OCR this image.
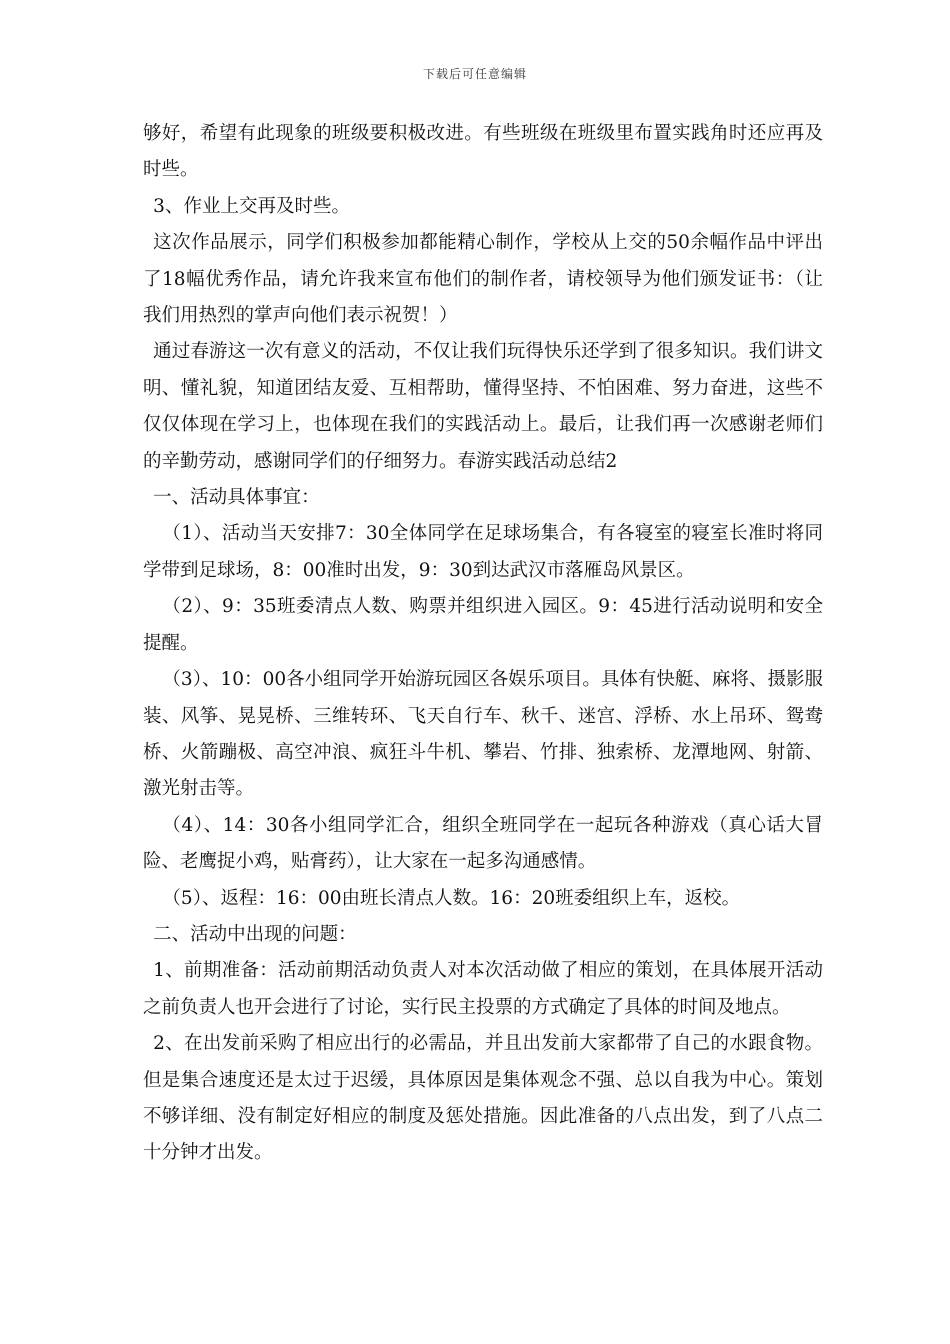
下载后可任意编辑

够好，希望有此现象的班级要积极改进。有些班级在班级里布置实践角时还应再及时些。

3、作业上交再及时些。

这次作品展示，同学们积极参加都能精心制作，学校从上交的50余幅作品中评出了18幅优秀作品，请允许我来宣布他们的制作者，请校领导为他们颁发证书：（让我们用热烈的掌声向他们表示祝贺！）

通过春游这一次有意义的活动，不仅让我们玩得快乐还学到了很多知识。我们讲文明、懂礼貌，知道团结友爱、互相帮助，懂得坚持、不怕困难、努力奋进，这些不仅仅体现在学习上，也体现在我们的实践活动上。最后，让我们再一次感谢老师们的辛勤劳动，感谢同学们的仔细努力。春游实践活动总结2

一、活动具体事宜：

（1）、活动当天安排7：30全体同学在足球场集合，有各寝室的寝室长准时将同学带到足球场，8：00准时出发，9：30到达武汉市落雁岛风景区。

（2）、9：35班委清点人数、购票并组织进入园区。9：45进行活动说明和安全提醒。

（3）、10：00各小组同学开始游玩园区各娱乐项目。具体有快艇、麻将、摄影服装、风筝、晃晃桥、三维转环、飞天自行车、秋千、迷宫、浮桥、水上吊环、鸳鸯桥、火箭蹦极、高空冲浪、疯狂斗牛机、攀岩、竹排、独索桥、龙潭地网、射箭、激光射击等。

（4）、14：30各小组同学汇合，组织全班同学在一起玩各种游戏（真心话大冒险、老鹰捉小鸡，贴膏药），让大家在一起多沟通感情。

（5）、返程：16：00由班长清点人数。16：20班委组织上车，返校。

二、活动中出现的问题：

1、前期准备：活动前期活动负责人对本次活动做了相应的策划，在具体展开活动之前负责人也开会进行了讨论，实行民主投票的方式确定了具体的时间及地点。

2、在出发前采购了相应出行的必需品，并且出发前大家都带了自己的水跟食物。但是集合速度还是太过于迟缓，具体原因是集体观念不强、总以自我为中心。策划不够详细、没有制定好相应的制度及惩处措施。因此准备的八点出发，到了八点二十分钟才出发。
